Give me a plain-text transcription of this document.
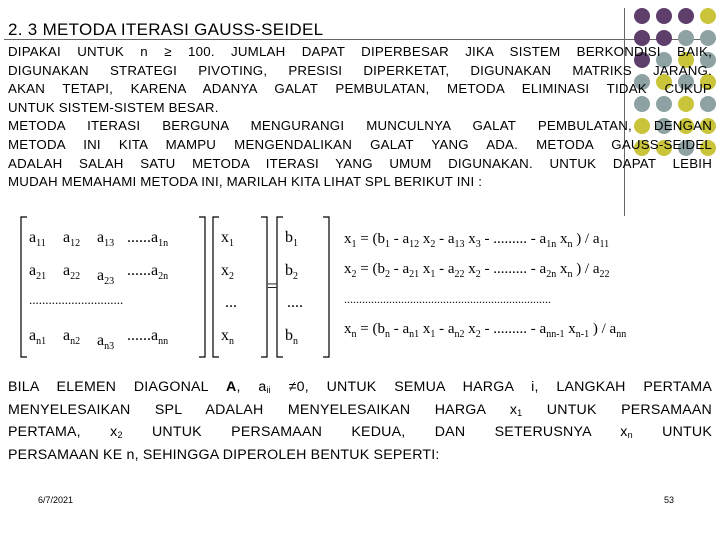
2. 3 METODA ITERASI GAUSS-SEIDEL

DIPAKAI UNTUK n ≥ 100. JUMLAH DAPAT DIPERBESAR JIKA SISTEM BERKONDISI BAIK,

DIGUNAKAN STRATEGI PIVOTING, PRESISI DIPERKETAT, DIGUNAKAN MATRIKS JARANG.

AKAN TETAPI, KARENA ADANYA GALAT PEMBULATAN, METODA ELIMINASI TIDAK CUKUP

UNTUK SISTEM-SISTEM BESAR.

METODA ITERASI BERGUNA MENGURANGI MUNCULNYA GALAT PEMBULATAN, DENGAN

METODA INI KITA MAMPU MENGENDALIKAN GALAT YANG ADA. METODA GAUSS-SEIDEL

ADALAH SALAH SATU METODA ITERASI YANG UMUM DIGUNAKAN. UNTUK DAPAT LEBIH

MUDAH MEMAHAMI METODA INI, MARILAH KITA LIHAT SPL BERIKUT INI :

$a_{11}$ $a_{12}$ $a_{13}$ $......a_{1n}$
$a_{21}$ $a_{22}$ $a_{23}$
$......a_{2n}$
.............................
$a_{n1}$ $a_{n2}$ $a_{n3}$
$......a_{nn}$
$x_1$
$x_2$
...
$x_n$
=
$b_1$
$b_2$
....
$b_n$
$x_1 = (b_1 - a_{12}$ $x_2 - a_{13}$ $x_3$ - ......... - $a_{1n}$ $x_n$ ) / $a_{11}$
$x_2 = (b_2 - a_{21}$ $x_1 - a_{22}$ $x_2$ - ......... - $a_{2n}$ $x_n$ ) / $a_{22}$
.....................................................................
$x_n = (b_n - a_{n1}$ $x_1 - a_{n2}$ $x_2$ - ......... - $a_{nn-1}$ $x_{n-1}$ ) / $a_{nn}$
BILA ELEMEN DIAGONAL A, $a_{ii} \ne 0$, UNTUK SEMUA HARGA i, LANGKAH PERTAMA
MENYELESAIKAN SPL ADALAH MENYELESAIKAN HARGA $x_1$ UNTUK PERSAMAAN
PERTAMA, $x_2$ UNTUK PERSAMAAN KEDUA, DAN SETERUSNYA $x_n$ UNTUK
PERSAMAAN KE n, SEHINGGA DIPEROLEH BENTUK SEPERTI:
6/7/2021	53
